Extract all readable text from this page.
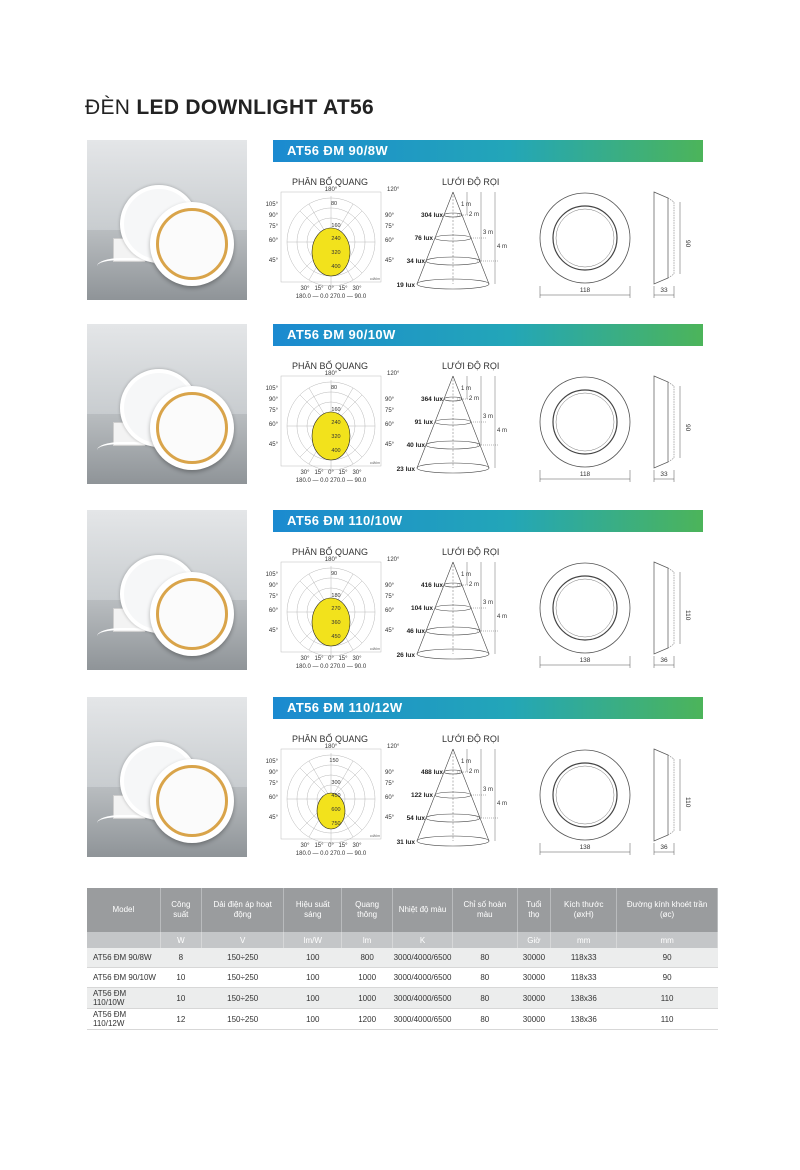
ĐÈN LED DOWNLIGHT AT56
AT56 ĐM 90/8W
PHÂN BỐ QUANG	LƯỚI ĐỘ RỌI
180°	120°
80
160
240
320
400
105°
90°
75°
60°
45°
90°
75°
60°
45°
30° 15° 0° 15° 30°
180.0 — 0.0 270.0 — 90.0
cd/klm
1 m
2 m
3 m
4 m
304 lux
76 lux
34 lux
19 lux
118	33
90
AT56 ĐM 90/10W
PHÂN BỐ QUANG	LƯỚI ĐỘ RỌI
180°	120°
80
160
240
320
400
105°
90°
75°
60°
45°
90°
75°
60°
45°
30° 15° 0° 15° 30°
180.0 — 0.0 270.0 — 90.0
cd/klm
1 m
2 m
3 m
4 m
364 lux
91 lux
40 lux
23 lux
118	33
90
AT56 ĐM 110/10W
PHÂN BỐ QUANG	LƯỚI ĐỘ RỌI
180°	120°
90
180
270
360
450
105°
90°
75°
60°
45°
90°
75°
60°
45°
30° 15° 0° 15° 30°
180.0 — 0.0 270.0 — 90.0
cd/klm
1 m
2 m
3 m
4 m
416 lux
104 lux
46 lux
26 lux
138	36
110
AT56 ĐM 110/12W
PHÂN BỐ QUANG	LƯỚI ĐỘ RỌI
180°	120°
150
300
450
600
750
105°
90°
75°
60°
45°
90°
75°
60°
45°
30° 15° 0° 15° 30°
180.0 — 0.0 270.0 — 90.0
cd/klm
1 m
2 m
3 m
4 m
488 lux
122 lux
54 lux
31 lux
138	36
110
Model	Công suất	Dải điện áp hoạt động	Hiệu suất sáng	Quang thông	Nhiệt độ màu	Chỉ số hoàn màu	Tuổi thọ	Kích thước (øxH)	Đường kính khoét trần (øc)
	W	V	lm/W	lm	K		Giờ	mm	mm
AT56 ĐM 90/8W	8	150÷250	100	800	3000/4000/6500	80	30000	118x33	90
AT56 ĐM 90/10W	10	150÷250	100	1000	3000/4000/6500	80	30000	118x33	90
AT56 ĐM 110/10W	10	150÷250	100	1000	3000/4000/6500	80	30000	138x36	110
AT56 ĐM 110/12W	12	150÷250	100	1200	3000/4000/6500	80	30000	138x36	110
